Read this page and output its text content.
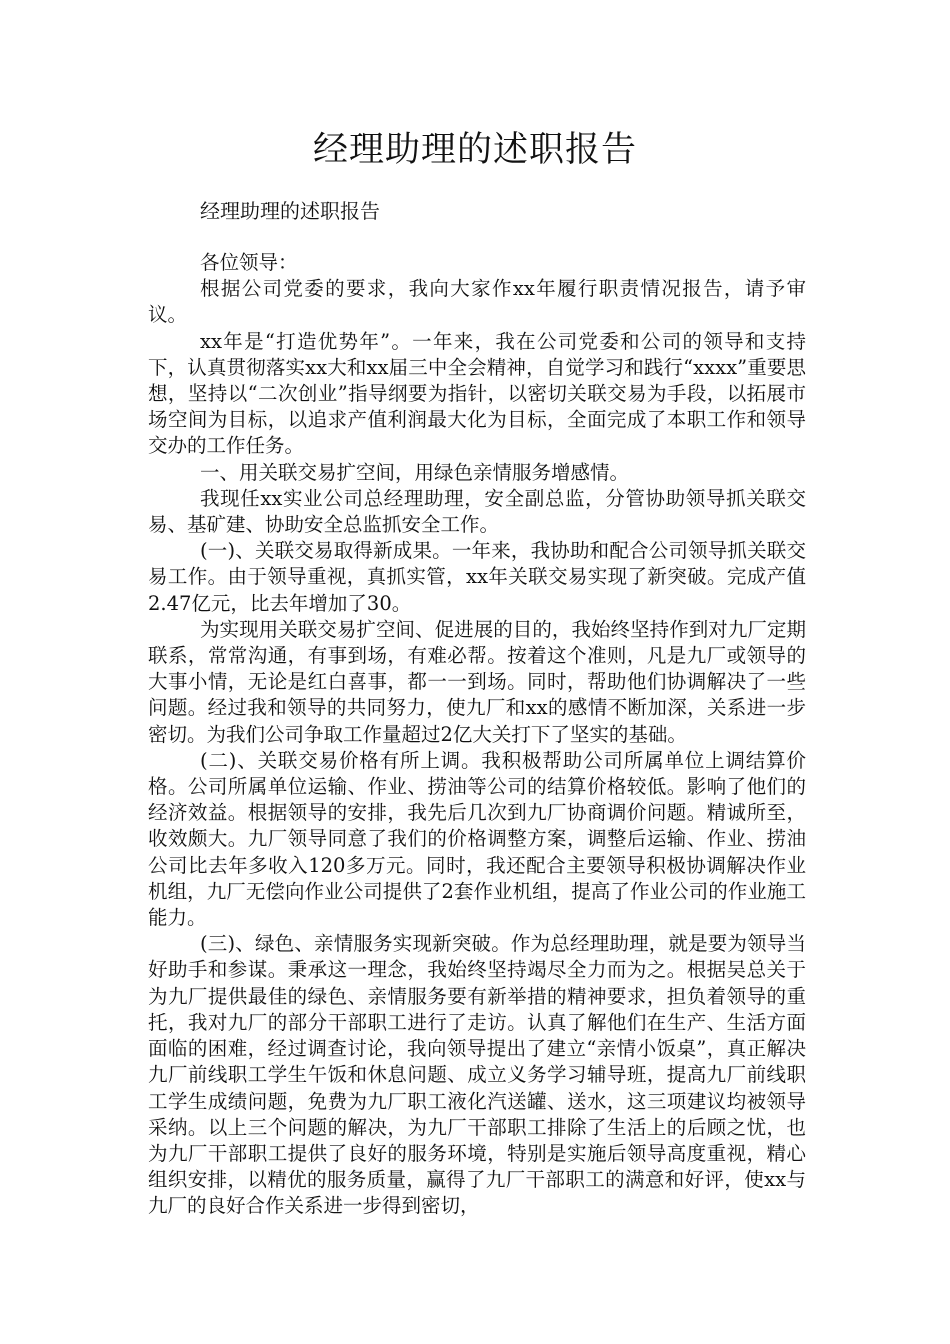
经理助理的述职报告

经理助理的述职报告

各位领导：

根据公司党委的要求，我向大家作xx年履行职责情况报告，请予审议。

xx年是“打造优势年”。一年来，我在公司党委和公司的领导和支持下，认真贯彻落实xx大和xx届三中全会精神，自觉学习和践行“xxxx”重要思想，坚持以“二次创业”指导纲要为指针，以密切关联交易为手段，以拓展市场空间为目标，以追求产值利润最大化为目标，全面完成了本职工作和领导交办的工作任务。

一、用关联交易扩空间，用绿色亲情服务增感情。

我现任xx实业公司总经理助理，安全副总监，分管协助领导抓关联交易、基矿建、协助安全总监抓安全工作。

(一)、关联交易取得新成果。一年来，我协助和配合公司领导抓关联交易工作。由于领导重视，真抓实管，xx年关联交易实现了新突破。完成产值2.47亿元，比去年增加了30。

为实现用关联交易扩空间、促进展的目的，我始终坚持作到对九厂定期联系，常常沟通，有事到场，有难必帮。按着这个准则，凡是九厂或领导的大事小情，无论是红白喜事，都一一到场。同时，帮助他们协调解决了一些问题。经过我和领导的共同努力，使九厂和xx的感情不断加深，关系进一步密切。为我们公司争取工作量超过2亿大关打下了坚实的基础。

(二)、关联交易价格有所上调。我积极帮助公司所属单位上调结算价格。公司所属单位运输、作业、捞油等公司的结算价格较低。影响了他们的经济效益。根据领导的安排，我先后几次到九厂协商调价问题。精诚所至，收效颇大。九厂领导同意了我们的价格调整方案，调整后运输、作业、捞油公司比去年多收入120多万元。同时，我还配合主要领导积极协调解决作业机组，九厂无偿向作业公司提供了2套作业机组，提高了作业公司的作业施工能力。

(三)、绿色、亲情服务实现新突破。作为总经理助理，就是要为领导当好助手和参谋。秉承这一理念，我始终坚持竭尽全力而为之。根据吴总关于为九厂提供最佳的绿色、亲情服务要有新举措的精神要求，担负着领导的重托，我对九厂的部分干部职工进行了走访。认真了解他们在生产、生活方面面临的困难，经过调查讨论，我向领导提出了建立“亲情小饭桌”，真正解决九厂前线职工学生午饭和休息问题、成立义务学习辅导班，提高九厂前线职工学生成绩问题，免费为九厂职工液化汽送罐、送水，这三项建议均被领导采纳。以上三个问题的解决，为九厂干部职工排除了生活上的后顾之忧，也为九厂干部职工提供了良好的服务环境，特别是实施后领导高度重视，精心组织安排，以精优的服务质量，赢得了九厂干部职工的满意和好评，使xx与九厂的良好合作关系进一步得到密切，
